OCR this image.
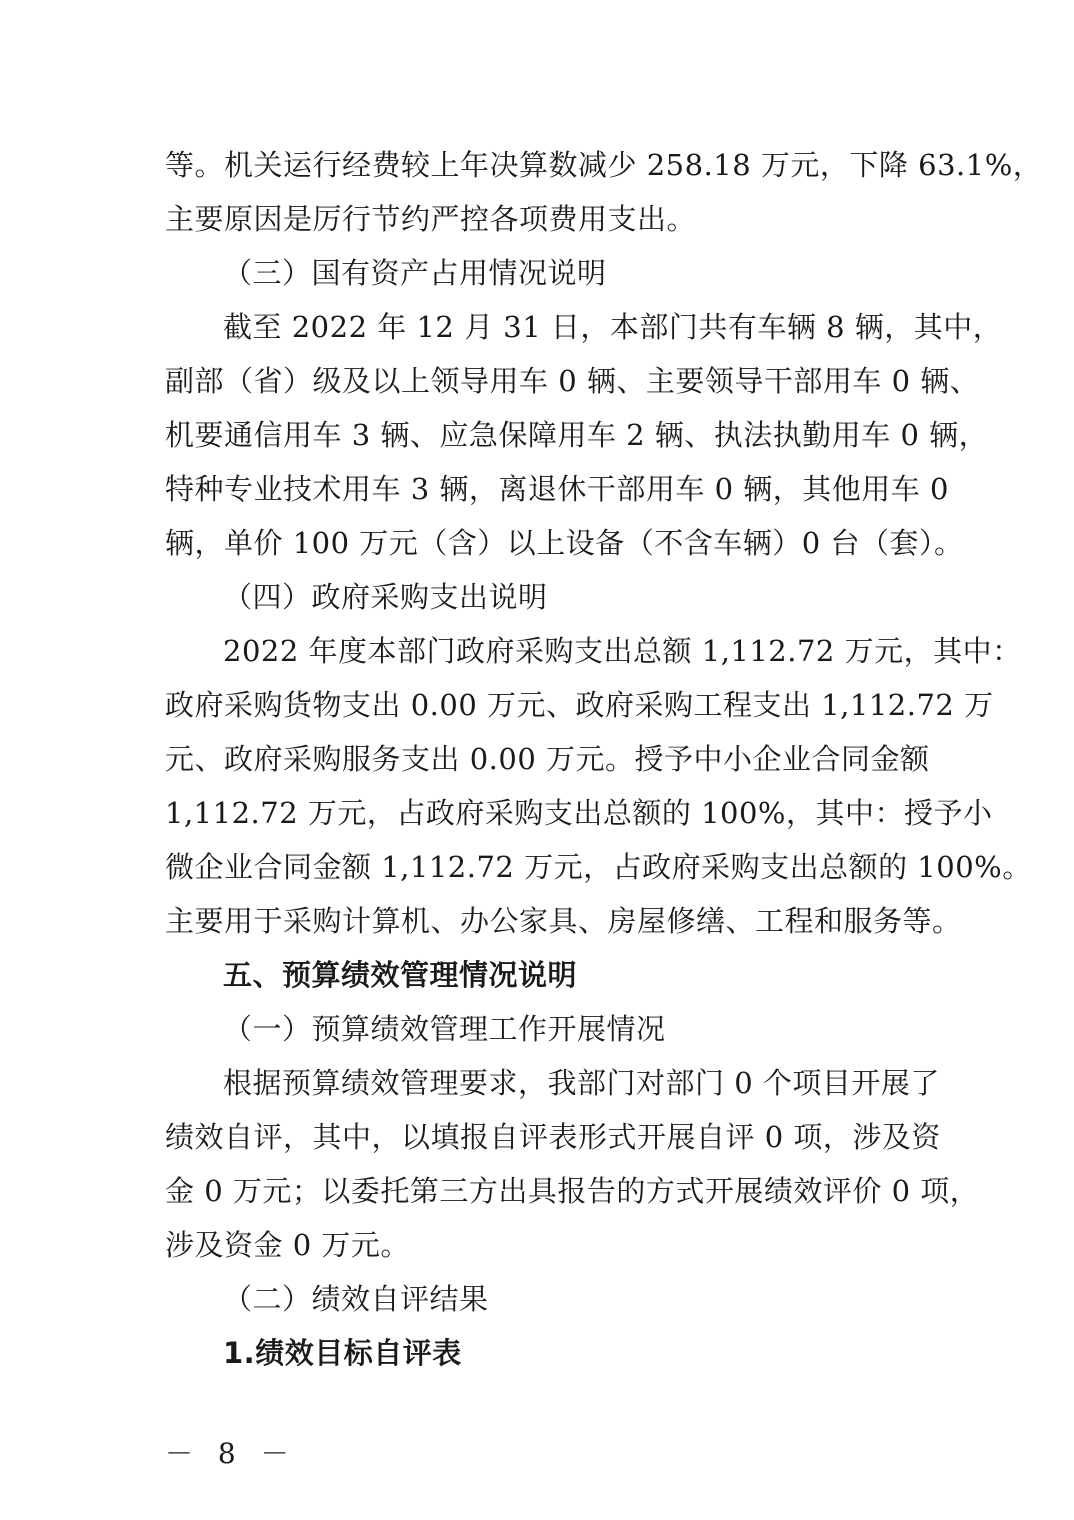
等。机关运行经费较上年决算数减少 258.18 万元，下降 63.1%，
主要原因是厉行节约严控各项费用支出。
（三）国有资产占用情况说明
截至 2022 年 12 月 31 日，本部门共有车辆 8 辆，其中，
副部（省）级及以上领导用车 0 辆、主要领导干部用车 0 辆、
机要通信用车 3 辆、应急保障用车 2 辆、执法执勤用车 0 辆，
特种专业技术用车 3 辆，离退休干部用车 0 辆，其他用车 0
辆，单价 100 万元（含）以上设备（不含车辆）0 台（套）。
（四）政府采购支出说明
2022 年度本部门政府采购支出总额 1,112.72 万元，其中：
政府采购货物支出 0.00 万元、政府采购工程支出 1,112.72 万
元、政府采购服务支出 0.00 万元。授予中小企业合同金额
1,112.72 万元，占政府采购支出总额的 100%，其中：授予小
微企业合同金额 1,112.72 万元，占政府采购支出总额的 100%。
主要用于采购计算机、办公家具、房屋修缮、工程和服务等。
五、预算绩效管理情况说明
（一）预算绩效管理工作开展情况
根据预算绩效管理要求，我部门对部门 0 个项目开展了
绩效自评，其中，以填报自评表形式开展自评 0 项，涉及资
金 0 万元；以委托第三方出具报告的方式开展绩效评价 0 项，
涉及资金 0 万元。
（二）绩效自评结果
1.绩效目标自评表
－ 8 －
